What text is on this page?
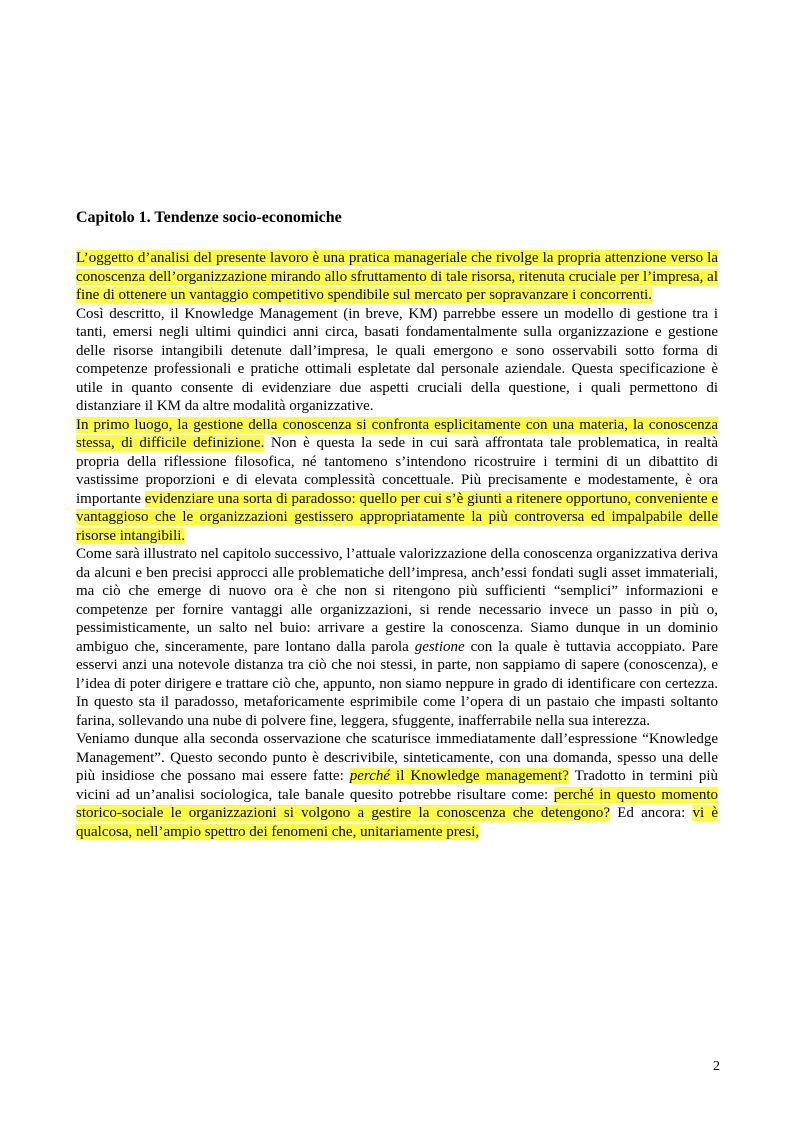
Capitolo 1. Tendenze socio-economiche

L’oggetto d’analisi del presente lavoro è una pratica manageriale che rivolge la propria attenzione verso la conoscenza dell’organizzazione mirando allo sfruttamento di tale risorsa, ritenuta cruciale per l’impresa, al fine di ottenere un vantaggio competitivo spendibile sul mercato per sopravanzare i concorrenti.

Così descritto, il Knowledge Management (in breve, KM) parrebbe essere un modello di gestione tra i tanti, emersi negli ultimi quindici anni circa, basati fondamentalmente sulla organizzazione e gestione delle risorse intangibili detenute dall’impresa, le quali emergono e sono osservabili sotto forma di competenze professionali e pratiche ottimali espletate dal personale aziendale. Questa specificazione è utile in quanto consente di evidenziare due aspetti cruciali della questione, i quali permettono di distanziare il KM da altre modalità organizzative.

In primo luogo, la gestione della conoscenza si confronta esplicitamente con una materia, la conoscenza stessa, di difficile definizione. Non è questa la sede in cui sarà affrontata tale problematica, in realtà propria della riflessione filosofica, né tantomeno s’intendono ricostruire i termini di un dibattito di vastissime proporzioni e di elevata complessità concettuale. Più precisamente e modestamente, è ora importante evidenziare una sorta di paradosso: quello per cui s’è giunti a ritenere opportuno, conveniente e vantaggioso che le organizzazioni gestissero appropriatamente la più controversa ed impalpabile delle risorse intangibili.

Come sarà illustrato nel capitolo successivo, l’attuale valorizzazione della conoscenza organizzativa deriva da alcuni e ben precisi approcci alle problematiche dell’impresa, anch’essi fondati sugli asset immateriali, ma ciò che emerge di nuovo ora è che non si ritengono più sufficienti “semplici” informazioni e competenze per fornire vantaggi alle organizzazioni, si rende necessario invece un passo in più o, pessimisticamente, un salto nel buio: arrivare a gestire la conoscenza. Siamo dunque in un dominio ambiguo che, sinceramente, pare lontano dalla parola gestione con la quale è tuttavia accoppiato. Pare esservi anzi una notevole distanza tra ciò che noi stessi, in parte, non sappiamo di sapere (conoscenza), e l’idea di poter dirigere e trattare ciò che, appunto, non siamo neppure in grado di identificare con certezza. In questo sta il paradosso, metaforicamente esprimibile come l’opera di un pastaio che impasti soltanto farina, sollevando una nube di polvere fine, leggera, sfuggente, inafferrabile nella sua interezza.

Veniamo dunque alla seconda osservazione che scaturisce immediatamente dall’espressione “Knowledge Management”. Questo secondo punto è descrivibile, sinteticamente, con una domanda, spesso una delle più insidiose che possano mai essere fatte: perché il Knowledge management? Tradotto in termini più vicini ad un’analisi sociologica, tale banale quesito potrebbe risultare come: perché in questo momento storico-sociale le organizzazioni si volgono a gestire la conoscenza che detengono? Ed ancora: vi è qualcosa, nell’ampio spettro dei fenomeni che, unitariamente presi,

2
